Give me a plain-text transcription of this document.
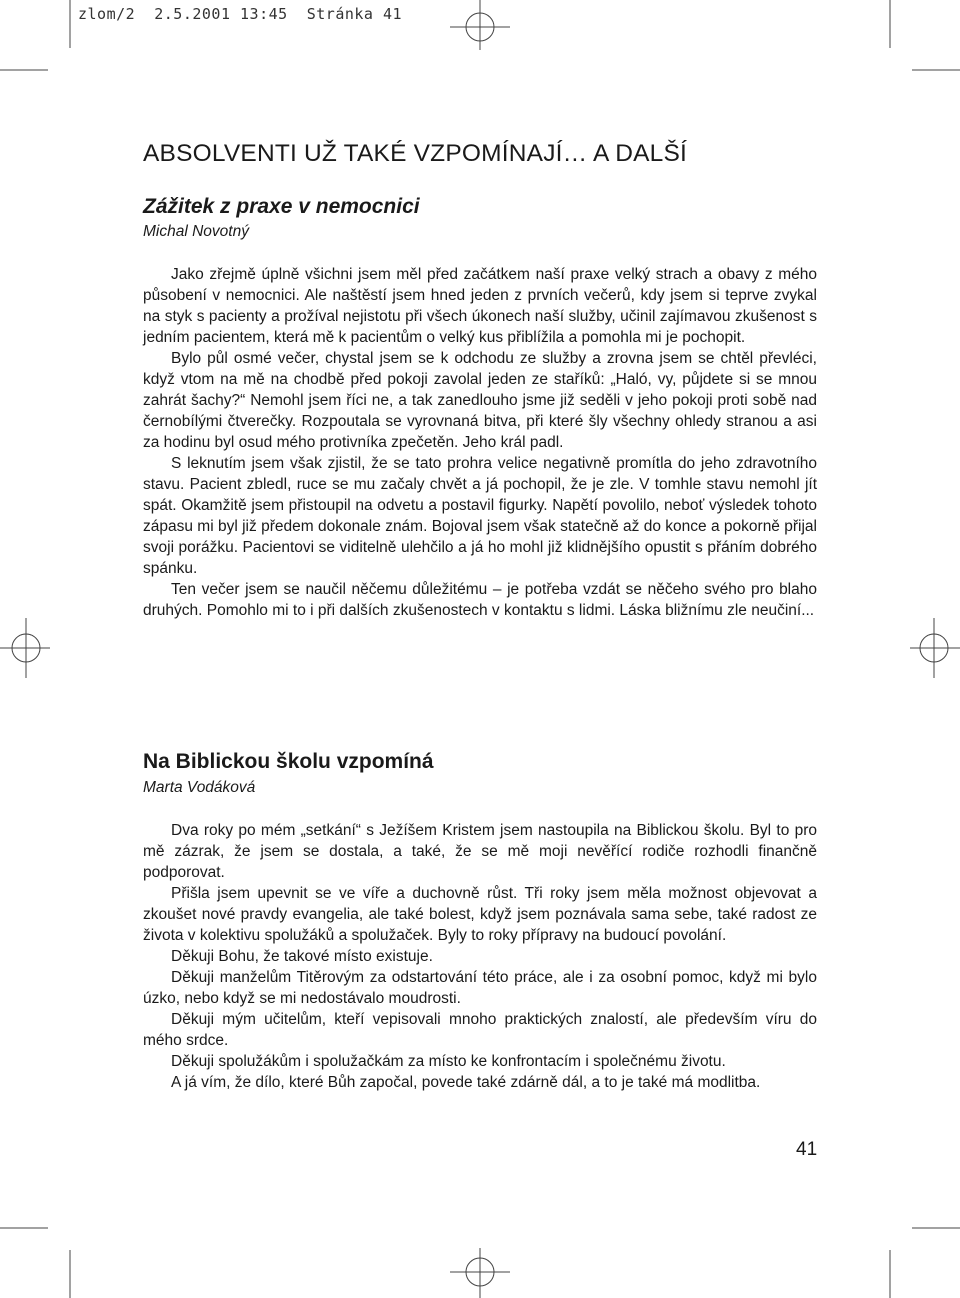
zlom/2  2.5.2001 13:45  Stránka 41
ABSOLVENTI UŽ TAKÉ VZPOMÍNAJÍ… A DALŠÍ
Zážitek z praxe v nemocnici
Michal Novotný

Jako zřejmě úplně všichni jsem měl před začátkem naší praxe velký strach a obavy z mého působení v nemocnici. Ale naštěstí jsem hned jeden z prvních večerů, kdy jsem si teprve zvykal na styk s pacienty a prožíval nejistotu při všech úkonech naší služby, učinil zajímavou zkušenost s jedním pacientem, která mě k pacientům o velký kus přiblížila a pomohla mi je pochopit.

Bylo půl osmé večer, chystal jsem se k odchodu ze služby a zrovna jsem se chtěl převléci, když vtom na mě na chodbě před pokoji zavolal jeden ze staříků: „Haló, vy, půjdete si se mnou zahrát šachy?“ Nemohl jsem říci ne, a tak zanedlouho jsme již seděli v jeho pokoji proti sobě nad černobílými čtverečky. Rozpoutala se vyrovnaná bitva, při které šly všechny ohledy stranou a asi za hodinu byl osud mého protivníka zpečetěn. Jeho král padl.

S leknutím jsem však zjistil, že se tato prohra velice negativně promítla do jeho zdravotního stavu. Pacient zbledl, ruce se mu začaly chvět a já pochopil, že je zle. V tomhle stavu nemohl jít spát. Okamžitě jsem přistoupil na odvetu a postavil figurky. Napětí povolilo, neboť výsledek tohoto zápasu mi byl již předem dokonale znám. Bojoval jsem však statečně až do konce a pokorně přijal svoji porážku. Pacientovi se viditelně ulehčilo a já ho mohl již klidnějšího opustit s přáním dobrého spánku.

Ten večer jsem se naučil něčemu důležitému – je potřeba vzdát se něčeho svého pro blaho druhých. Pomohlo mi to i při dalších zkušenostech v kontaktu s lidmi. Láska bližnímu zle neučiní...

Na Biblickou školu vzpomíná
Marta Vodáková

Dva roky po mém „setkání“ s Ježíšem Kristem jsem nastoupila na Biblickou školu. Byl to pro mě zázrak, že jsem se dostala, a také, že se mě moji nevěřící rodiče rozhodli finančně podporovat.

Přišla jsem upevnit se ve víře a duchovně růst. Tři roky jsem měla možnost objevovat a zkoušet nové pravdy evangelia, ale také bolest, když jsem poznávala sama sebe, také radost ze života v kolektivu spolužáků a spolužaček. Byly to roky přípravy na budoucí povolání.

Děkuji Bohu, že takové místo existuje.

Děkuji manželům Titěrovým za odstartování této práce, ale i za osobní pomoc, když mi bylo úzko, nebo když se mi nedostávalo moudrosti.

Děkuji mým učitelům, kteří vepisovali mnoho praktických znalostí, ale především víru do mého srdce.

Děkuji spolužákům i spolužačkám za místo ke konfrontacím i společnému životu.

A já vím, že dílo, které Bůh započal, povede také zdárně dál, a to je také má modlitba.

41
